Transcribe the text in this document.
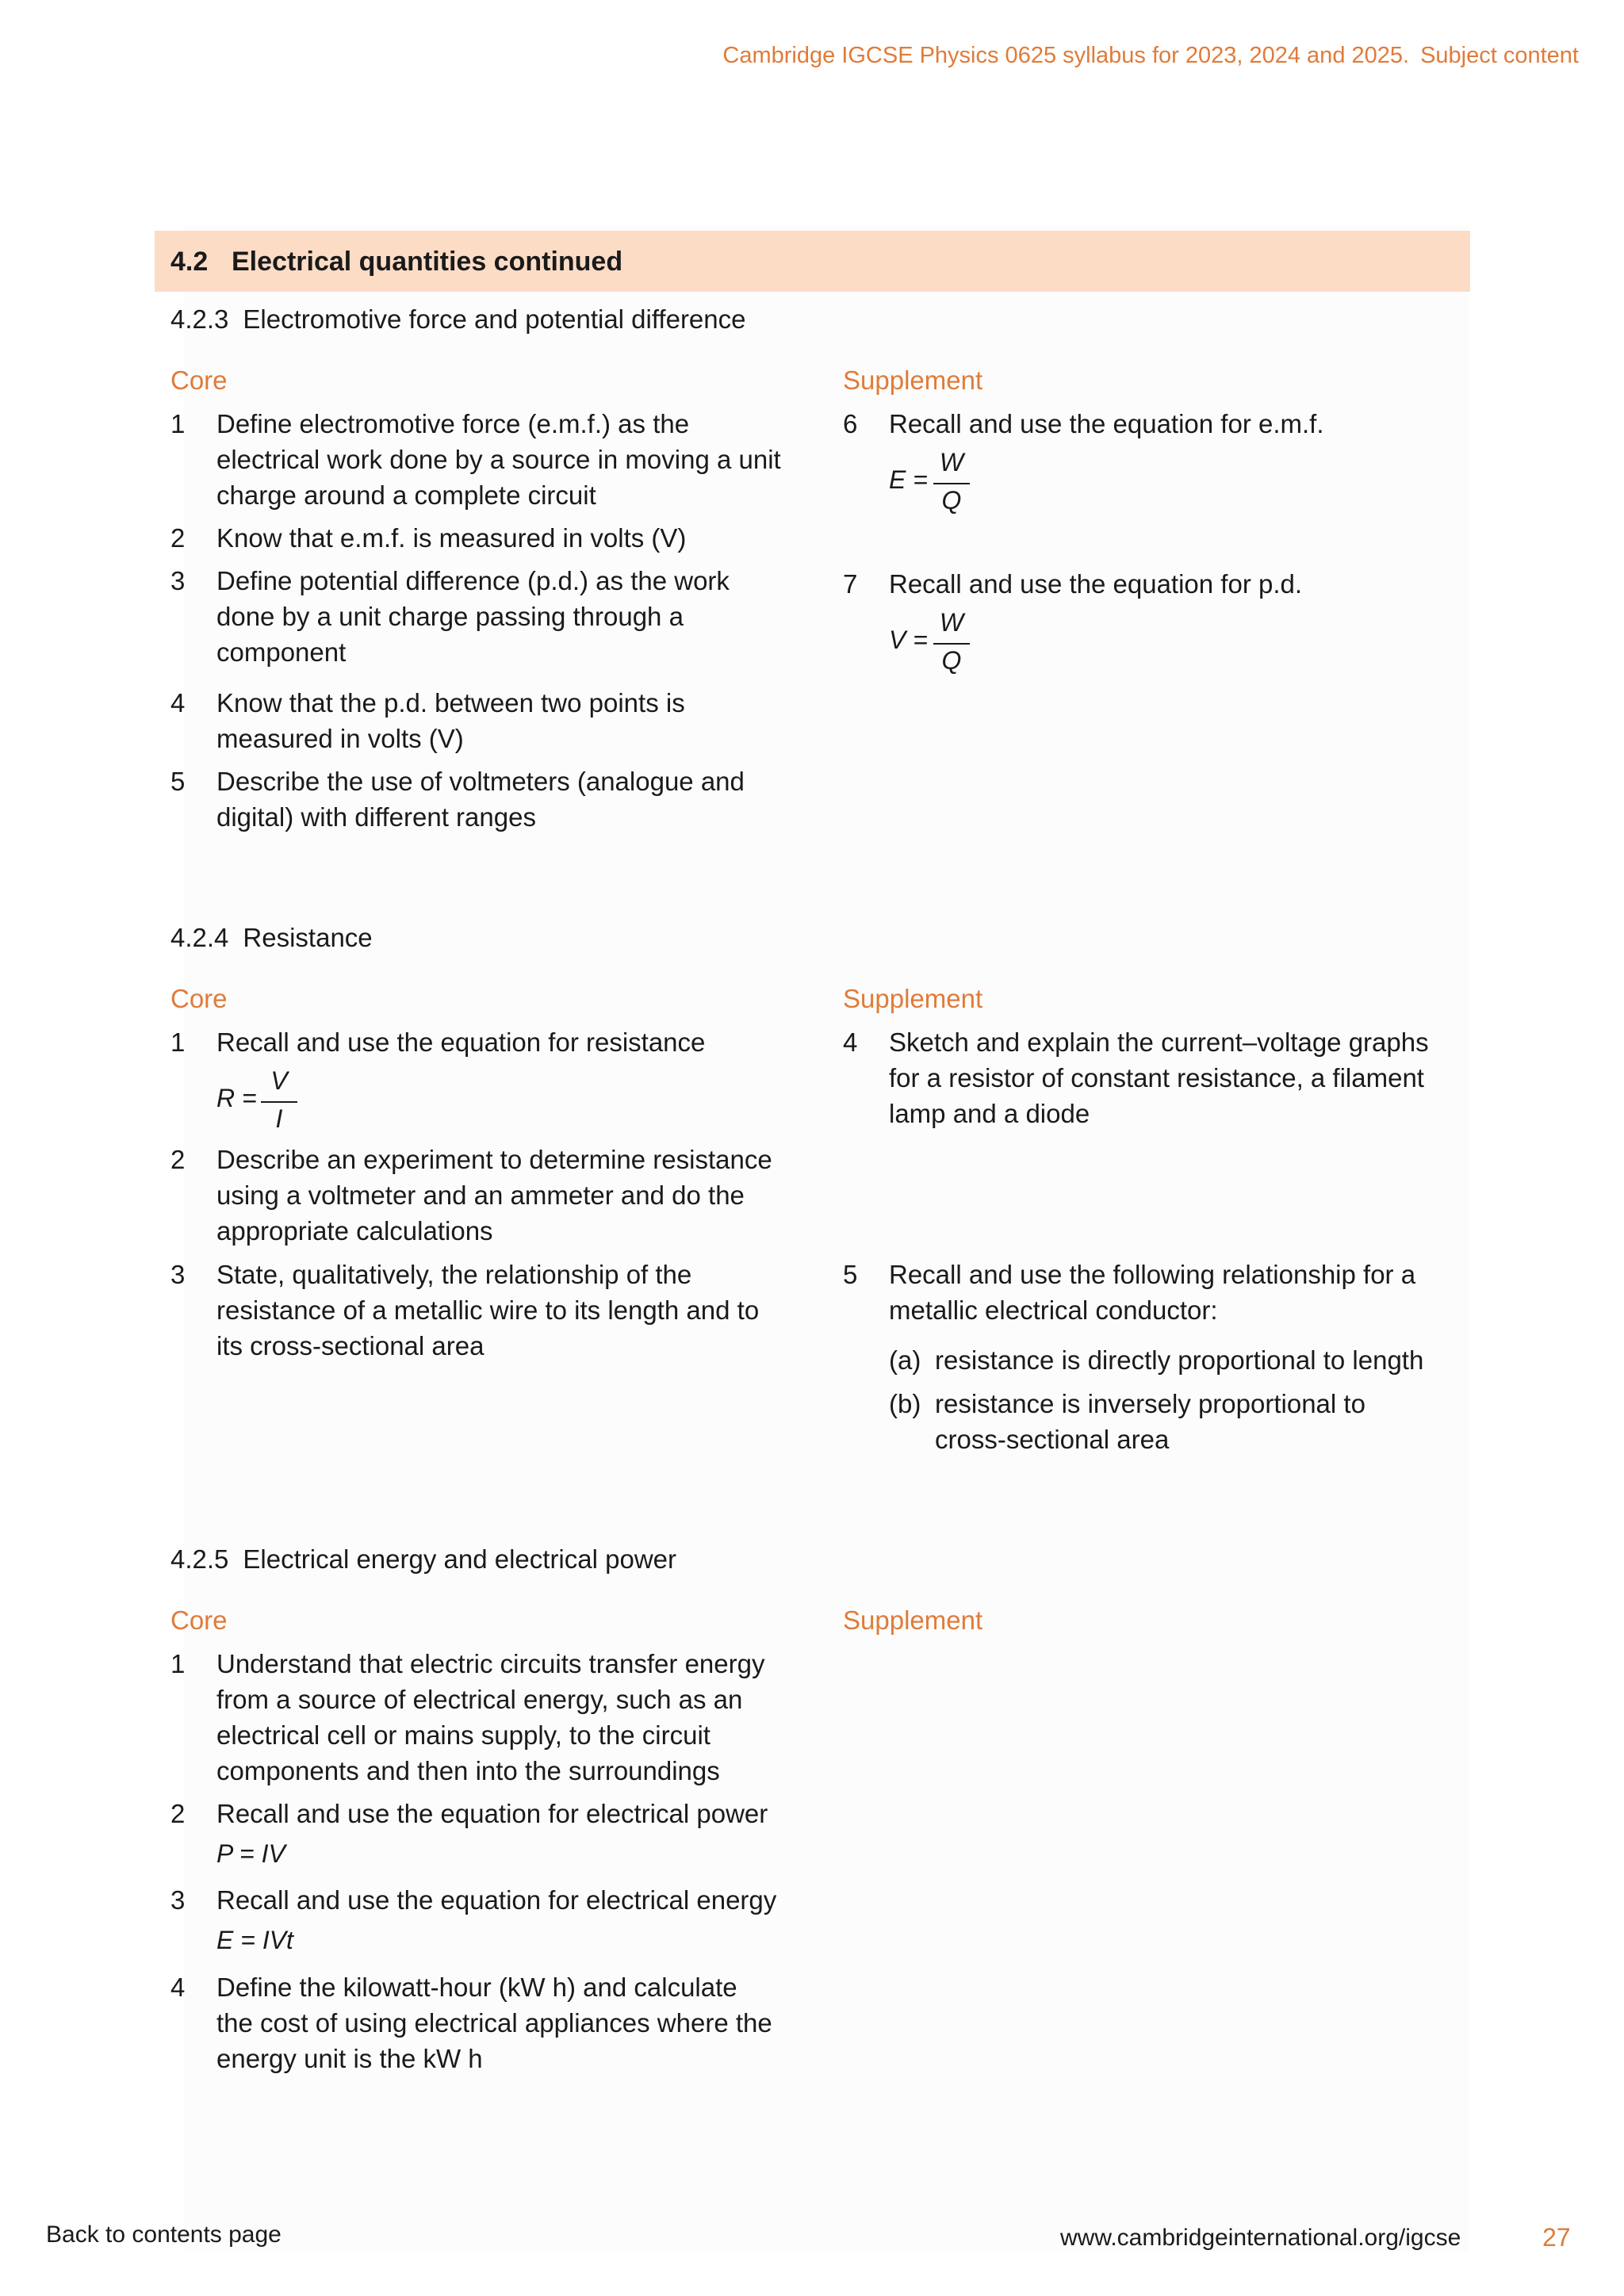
Cambridge IGCSE Physics 0625 syllabus for 2023, 2024 and 2025. Subject content
4.2 Electrical quantities continued
4.2.3 Electromotive force and potential difference
Core	Supplement
1 Define electromotive force (e.m.f.) as the
electrical work done by a source in moving a unit
charge around a complete circuit
2 Know that e.m.f. is measured in volts (V)
3 Define potential difference (p.d.) as the work
done by a unit charge passing through a
component
4 Know that the p.d. between two points is
measured in volts (V)
5 Describe the use of voltmeters (analogue and
digital) with different ranges
6 Recall and use the equation for e.m.f.
E =
W
Q
7 Recall and use the equation for p.d.
V =
W
Q
4.2.4 Resistance
Core	Supplement
1 Recall and use the equation for resistance
R =
V
I
2 Describe an experiment to determine resistance
using a voltmeter and an ammeter and do the
appropriate calculations
3 State, qualitatively, the relationship of the
resistance of a metallic wire to its length and to
its cross-sectional area
4 Sketch and explain the current–voltage graphs
for a resistor of constant resistance, a filament
lamp and a diode
5 Recall and use the following relationship for a
metallic electrical conductor:
(a) resistance is directly proportional to length
(b) resistance is inversely proportional to
cross-sectional area
4.2.5 Electrical energy and electrical power
Core	Supplement
1 Understand that electric circuits transfer energy
from a source of electrical energy, such as an
electrical cell or mains supply, to the circuit
components and then into the surroundings
2 Recall and use the equation for electrical power
P = IV
3 Recall and use the equation for electrical energy
E = IVt
4 Define the kilowatt-hour (kW h) and calculate
the cost of using electrical appliances where the
energy unit is the kW h
Back to contents page	www.cambridgeinternational.org/igcse	27
